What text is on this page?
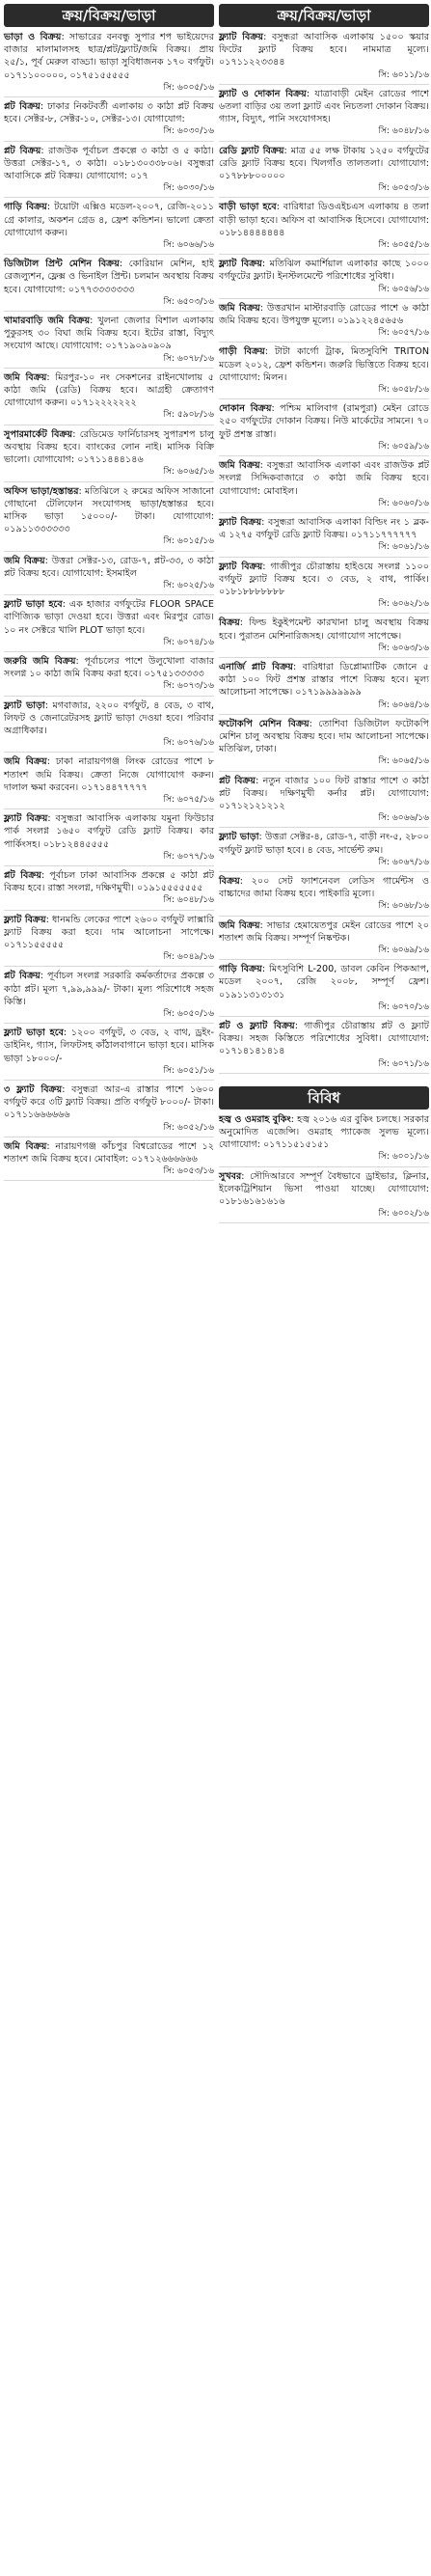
ক্রয়/বিক্রয়/ভাড়া
ভাড়া ও বিক্রয়: সাভারের বনবন্ধু সুপার শপ ভাইয়েদের বাজার মালামালসহ ছাত্র/প্লট/ফ্ল্যাট/জমি বিক্রয়। প্রায় ২৫/১, পূর্ব মেরুল বাড্ডা। ভাড়া সুবিধাজনক ১৭০ বর্গফুট। ০১৭১১০০০০০, ০১৭৫১৫৫৫৫৫
সি: ৬০০৫/১৬
প্লট বিক্রয়: ঢাকার নিকটবর্তী এলাকায় ৩ কাঠা প্লট বিক্রয় হবে। সেক্টর-৮, সেক্টর-১০, সেক্টর-১৩। যোগাযোগ:
সি: ৬০৩০/১৬
প্লট বিক্রয়: রাজউক পূর্বাচল প্রকল্পে ৩ কাঠা ও ৫ কাঠা। উত্তরা সেক্টর-১৭, ৩ কাঠা। ০১৮১৩০৩৩৮০৬। বসুন্ধরা আবাসিকে প্লট বিক্রয়। যোগাযোগ: ০১৭
সি: ৬০৩০/১৬
গাড়ি বিক্রয়: টয়োটা এক্সিও মডেল-২০০৭, রেজি-২০১১ গ্রে কালার, অকশন গ্রেড ৪, ফ্রেশ কন্ডিশন। ভালো ক্রেতা যোগাযোগ করুন।
সি: ৬০৬৬/১৬
ডিজিটাল প্রিন্ট মেশিন বিক্রয়: কোরিয়ান মেশিন, হাই রেজল্যুশন, ফ্লেক্স ও ভিনাইল প্রিন্ট। চলমান অবস্থায় বিক্রয় হবে। যোগাযোগ: ০১৭৭৩৩৩৩৩৩৩
সি: ৬৫০৩/১৬
খামারবাড়ি জমি বিক্রয়: খুলনা জেলার বিশাল এলাকায় পুকুরসহ ৩০ বিঘা জমি বিক্রয় হবে। ইটের রাস্তা, বিদ্যুৎ সংযোগ আছে। যোগাযোগ: ০১৭১৯০৯০৯০৯
সি: ৬০৭৮/১৬
জমি বিক্রয়: মিরপুর-১০ নং সেকশনের রাইনখোলায় ৫ কাঠা জমি (রেডি) বিক্রয় হবে। আগ্রহী ক্রেতাগণ যোগাযোগ করুন। ০১৭১২২২২২২২
সি: ৫৯০৮/১৬
সুপারমার্কেট বিক্রয়: রেডিমেড ফার্নিচারসহ সুপারশপ চালু অবস্থায় বিক্রয় হবে। ব্যাংকের লোন নাই। মাসিক বিক্রি ভালো। যোগাযোগ: ০১৭১১৪৪৪১৪৬
সি: ৬০৬৫/১৬
অফিস ভাড়া/হস্তান্তর: মতিঝিলে ২ রুমের অফিস সাজানো গোছানো টেলিফোন সংযোগসহ ভাড়া/হস্তান্তর হবে। মাসিক ভাড়া ১৫০০০/- টাকা। যোগাযোগ: ০১৯১১৩৩৩৩৩৩
সি: ৬০১৫/১৬
জমি বিক্রয়: উত্তরা সেক্টর-১৩, রোড-৭, প্লট-৩৩, ৩ কাঠা প্লট বিক্রয় হবে। যোগাযোগ: ইসমাইল
সি: ৬০২৫/১৬
ফ্ল্যাট ভাড়া হবে: এক হাজার বর্গফুটের FLOOR SPACE বাণিজ্যিক ভাড়া দেওয়া হবে। উত্তরা এবং মিরপুর রোড। ১০ নং সেক্টরে খালি PLOT ভাড়া হবে।
সি: ৬০৭৪/১৬
জরুরি জমি বিক্রয়: পূর্বাচলের পাশে উলুখোলা বাজার সংলগ্ন ১০ কাঠা জমি বিক্রয় করা হবে। ০১৭৫১৩৩৩৩৩
সি: ৬০৭৩/১৬
ফ্ল্যাট ভাড়া: মগবাজার, ২২০০ বর্গফুট, ৪ বেড, ৩ বাথ, লিফট ও জেনারেটরসহ ফ্ল্যাট ভাড়া দেওয়া হবে। পরিবার অগ্রাধিকার।
সি: ৬০৭৬/১৬
জমি বিক্রয়: ঢাকা নারায়ণগঞ্জ লিংক রোডের পাশে ৮ শতাংশ জমি বিক্রয়। ক্রেতা নিজে যোগাযোগ করুন। দালাল ক্ষমা করবেন। ০১৭১৪৪৭৭৭৭৭
সি: ৬০৭৫/১৬
ফ্ল্যাট বিক্রয়: বসুন্ধরা আবাসিক এলাকায় যমুনা ফিউচার পার্ক সংলগ্ন ১৬৫০ বর্গফুট রেডি ফ্ল্যাট বিক্রয়। কার পার্কিংসহ। ০১৮১২৪৪৫৫৫৫
সি: ৬০৭৭/১৬
প্লট বিক্রয়: পূর্বাচল ঢাকা আবাসিক প্রকল্পে ৫ কাঠা প্লট বিক্রয় হবে। রাস্তা সংলগ্ন, দক্ষিণমুখী। ০১৯১৫৫৫৫৫৫৫
সি: ৬০৪৮/১৬
ফ্ল্যাট বিক্রয়: ধানমন্ডি লেকের পাশে ২৬০০ বর্গফুট লাক্সারি ফ্ল্যাট বিক্রয় করা হবে। দাম আলোচনা সাপেক্ষে। ০১৭১১৫৫৫৫৫
সি: ৬০৪৯/১৬
প্লট বিক্রয়: পূর্বাচল সংলগ্ন সরকারি কর্মকর্তাদের প্রকল্পে ৩ কাঠা প্লট। মূল্য ৭,৯৯,৯৯৯/- টাকা। মূল্য পরিশোধে সহজ কিস্তি।
সি: ৬০৫০/১৬
ফ্ল্যাট ভাড়া হবে: ১২০০ বর্গফুট, ৩ বেড, ২ বাথ, ড্রইং-ডাইনিং, গ্যাস, লিফটসহ কাঁঠালবাগানে ভাড়া হবে। মাসিক ভাড়া ১৮০০০/-
সি: ৬০৫১/১৬
৩ ফ্ল্যাট বিক্রয়: বসুন্ধরা আর-এ রাস্তার পাশে ১৬০০ বর্গফুট করে ৩টি ফ্ল্যাট বিক্রয়। প্রতি বর্গফুট ৮০০০/- টাকা। ০১৭১১৬৬৬৬৬৬
সি: ৬০৫২/১৬
জমি বিক্রয়: নারায়ণগঞ্জ কাঁচপুর বিশ্বরোডের পাশে ১২ শতাংশ জমি বিক্রয় হবে। মোবাইল: ০১৭১২৬৬৬৬৬৬
সি: ৬০৫৩/১৬
ক্রয়/বিক্রয়/ভাড়া
ফ্ল্যাট বিক্রয়: বসুন্ধরা আবাসিক এলাকায় ১৫০০ স্কয়ার ফিটের ফ্ল্যাট বিক্রয় হবে। নামমাত্র মূল্যে। ০১৭১১২২৩৩৪৪
সি: ৬০১১/১৬
ফ্ল্যাট ও দোকান বিক্রয়: যাত্রাবাড়ী মেইন রোডের পাশে ৬তলা বাড়ির ৩য় তলা ফ্ল্যাট এবং নিচতলা দোকান বিক্রয়। গ্যাস, বিদ্যুৎ, পানি সংযোগসহ।
সি: ৬০৪৮/১৬
রেডি ফ্ল্যাট বিক্রয়: মাত্র ৫৫ লক্ষ টাকায় ১২৫০ বর্গফুটের রেডি ফ্ল্যাট বিক্রয় হবে। খিলগাঁও তালতলা। যোগাযোগ: ০১৭৮৮৮০০০০০
সি: ৬০৫৩/১৬
বাড়ী ভাড়া হবে: বারিধারা ডিওএইচএস এলাকায় ৪ তলা বাড়ী ভাড়া হবে। অফিস বা আবাসিক হিসেবে। যোগাযোগ: ০১৮১৪৪৪৪৪৪৪
সি: ৬০৫৫/১৬
ফ্ল্যাট বিক্রয়: মতিঝিল কমার্শিয়াল এলাকার কাছে ১০০০ বর্গফুটের ফ্ল্যাট। ইনস্টলমেন্টে পরিশোধের সুবিধা।
সি: ৬০৫৬/১৬
জমি বিক্রয়: উত্তরখান মাস্টারবাড়ি রোডের পাশে ৬ কাঠা জমি বিক্রয় হবে। উপযুক্ত মূল্যে। ০১৯১২২৪৫৬৫৬
সি: ৬০৫৭/১৬
গাড়ী বিক্রয়: টাটা কার্গো ট্রাক, মিতসুবিশি TRITON মডেল ২০১২, ফ্রেশ কন্ডিশন। জরুরি ভিত্তিতে বিক্রয় হবে। যোগাযোগ: মিলন।
সি: ৬০৫৮/১৬
দোকান বিক্রয়: পশ্চিম মালিবাগ (রামপুরা) মেইন রোডে ২৫০ বর্গফুটের দোকান বিক্রয়। নিউ মার্কেটের সামনে। ৭০ ফুট প্রশস্ত রাস্তা।
সি: ৬০৫৯/১৬
জমি বিক্রয়: বসুন্ধরা আবাসিক এলাকা এবং রাজউক প্লট সংলগ্ন সিদ্দিকবাজারে ৩ কাঠা জমি বিক্রয় হবে। যোগাযোগ: মোবাইল।
সি: ৬০৬০/১৬
ফ্ল্যাট বিক্রয়: বসুন্ধরা আবাসিক এলাকা বিল্ডিং নং ১ ব্লক-এ ১২৭৫ বর্গফুট রেডি ফ্ল্যাট বিক্রয়। ০১৭১১৭৭৭৭৭৭
সি: ৬০৬১/১৬
ফ্ল্যাট বিক্রয়: গাজীপুর চৌরাস্তায় হাইওয়ে সংলগ্ন ১১০০ বর্গফুট ফ্ল্যাট বিক্রয় হবে। ৩ বেড, ২ বাথ, পার্কিং। ০১৮১৮৮৮৮৮৮৮
সি: ৬০৬২/১৬
বিক্রয়: ফিল্ড ইকুইপমেন্ট কারখানা চালু অবস্থায় বিক্রয় হবে। পুরাতন মেশিনারিজসহ। যোগাযোগ সাপেক্ষে।
সি: ৬০৬৩/১৬
এনার্জি প্লাট বিক্রয়: বারিধারা ডিপ্লোম্যাটিক জোনে ৫ কাঠা ১০০ ফিট প্রশস্ত রাস্তার পাশে বিক্রয় হবে। মূল্য আলোচনা সাপেক্ষে। ০১৭১৯৯৯৯৯৯৯
সি: ৬০৬৪/১৬
ফটোকপি মেশিন বিক্রয়: তোশিবা ডিজিটাল ফটোকপি মেশিন চালু অবস্থায় বিক্রয় হবে। দাম আলোচনা সাপেক্ষে। মতিঝিল, ঢাকা।
সি: ৬০৬৫/১৬
প্লট বিক্রয়: নতুন বাজার ১০০ ফিট রাস্তার পাশে ৩ কাঠা প্লট বিক্রয়। দক্ষিণমুখী কর্নার প্লট। যোগাযোগ: ০১৭১২১২১২১২
সি: ৬০৬৬/১৬
ফ্ল্যাট ভাড়া: উত্তরা সেক্টর-৪, রোড-৭, বাড়ী নং-৫, ২৮০০ বর্গফুট ফ্ল্যাট ভাড়া হবে। ৪ বেড, সার্ভেন্ট রুম।
সি: ৬০৬৭/১৬
বিক্রয়: ২০০ সেট ফ্যাশনেবল লেডিস গার্মেন্টস ও বাচ্চাদের জামা বিক্রয় হবে। পাইকারি মূল্যে।
সি: ৬০৬৮/১৬
জমি বিক্রয়: সাভার হেমায়েতপুর মেইন রোডের পাশে ২০ শতাংশ জমি বিক্রয়। সম্পূর্ণ নিষ্কণ্টক।
সি: ৬০৬৯/১৬
গাড়ি বিক্রয়: মিৎসুবিশি L-200, ডাবল কেবিন পিকআপ, মডেল ২০০৭, রেজি ২০০৮, সম্পূর্ণ ফ্রেশ। ০১৯১১৩১৩১৩১
সি: ৬০৭০/১৬
প্লট ও ফ্ল্যাট বিক্রয়: গাজীপুর চৌরাস্তায় প্লট ও ফ্ল্যাট বিক্রয়। সহজ কিস্তিতে পরিশোধের সুবিধা। যোগাযোগ: ০১৭১৪১৪১৪১৪
সি: ৬০৭১/১৬
বিবিধ
হজ্ব ও ওমরাহ বুকিং: হজ্ব ২০১৬ এর বুকিং চলছে। সরকার অনুমোদিত এজেন্সি। ওমরাহ প্যাকেজ সুলভ মূল্যে। যোগাযোগ: ০১৭১১৫১৫১৫১
সি: ৬০০১/১৬
সুখবর: সৌদিআরবে সম্পূর্ণ বৈধভাবে ড্রাইভার, ক্লিনার, ইলেকট্রিশিয়ান ভিসা পাওয়া যাচ্ছে। যোগাযোগ: ০১৮১৬১৬১৬১৬
সি: ৬০০২/১৬
